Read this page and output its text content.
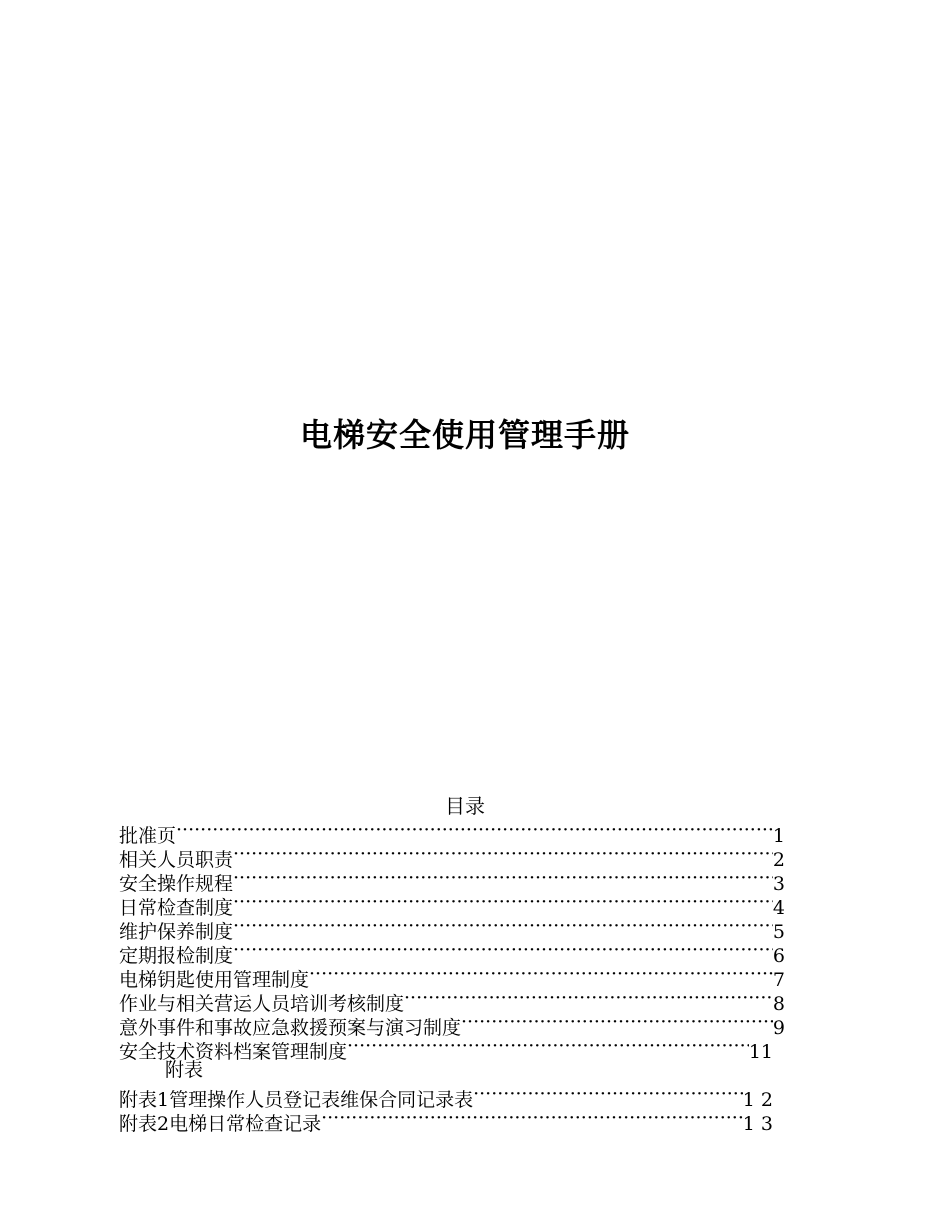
电梯安全使用管理手册
目录
批准页 ·····	1
相关人员职责 ·····	2
安全操作规程 ·····	3
日常检查制度 ·····	4
维护保养制度 ·····	5
定期报检制度 ·····	6
电梯钥匙使用管理制度 ·····	7
作业与相关营运人员培训考核制度 ·····	8
意外事件和事故应急救援预案与演习制度 ·····	9
安全技术资料档案管理制度 ·····	11
附表
附表1管理操作人员登记表维保合同记录表 ·····	1 2
附表2电梯日常检查记录 ·····	1 3
